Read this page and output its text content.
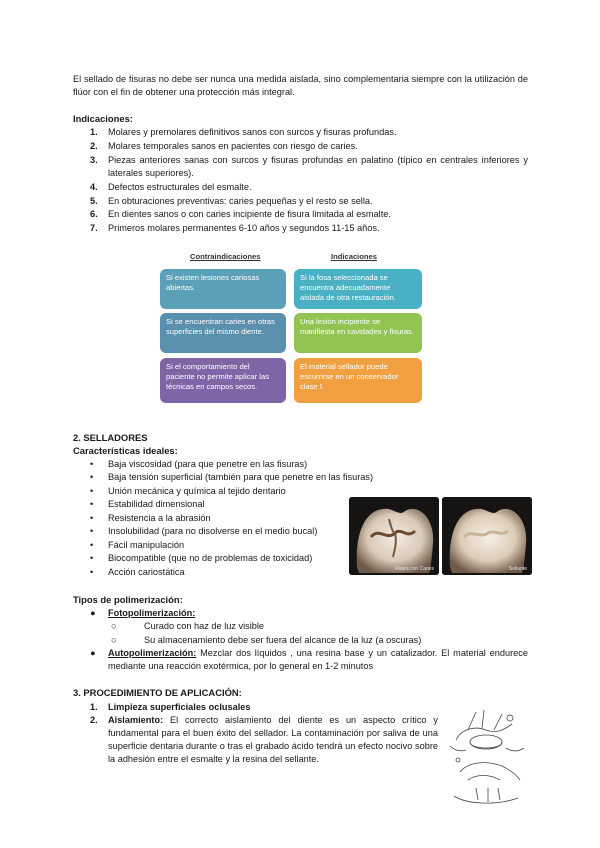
El sellado de fisuras no debe ser nunca una medida aislada, sino complementaria siempre con la utilización de flúor con el fin de obtener una protección más integral.
Indicaciones:
1.	Molares y premolares definitivos sanos con surcos y fisuras profundas.
2.	Molares temporales sanos en pacientes con riesgo de caries.
3.	Piezas anteriores sanas con surcos y fisuras profundas en palatino (típico en centrales inferiores y laterales superiores).
4.	Defectos estructurales del esmalte.
5.	En obturaciones preventivas: caries pequeñas y el resto se sella.
6.	En dientes sanos o con caries incipiente de fisura limitada al esmalte.
7.	Primeros molares permanentes 6-10 años y segundos 11-15 años.
Contraindicaciones	Indicaciones
Si existen lesiones cariosas abiertas.
Si se encuentran caries en otras superficies del mismo diente.
Si el comportamiento del paciente no permite aplicar las técnicas en campos secos.
Si la fosa seleccionada se encuentra adecuadamente aislada de otra restauración.
Una lesión incipiente se manifiesta en cavidades y fisuras.
El material sellador puede escurrirse en un conservador clase I.
2. SELLADORES
Características ideales:
• Baja viscosidad (para que penetre en las fisuras)
• Baja tensión superficial (también para que penetre en las fisuras)
• Unión mecánica y química al tejido dentario
• Estabilidad dimensional
• Resistencia a la abrasión
• Insolubilidad (para no disolverse en el medio bucal)
• Fácil manipulación
• Biocompatible (que no de problemas de toxicidad)
• Acción cariostática	Fisura con Caries	Sellante
Tipos de polimerización:
● Fotopolimerización:
○	Curado con haz de luz visible
○	Su almacenamiento debe ser fuera del alcance de la luz (a oscuras)
●	Autopolimerización: Mezclar dos líquidos , una resina base y un catalizador. El material endurece mediante una reacción exotérmica, por lo general en 1-2 minutos
3. PROCEDIMIENTO DE APLICACIÓN:
1.	Limpieza superficiales oclusales
2.	Aislamiento: El correcto aislamiento del diente es un aspecto crítico y fundamental para el buen éxito del sellador. La contaminación por saliva de una superficie dentaria durante o tras el grabado ácido tendrá un efecto nocivo sobre la adhesión entre el esmalte y la resina del sellante.
